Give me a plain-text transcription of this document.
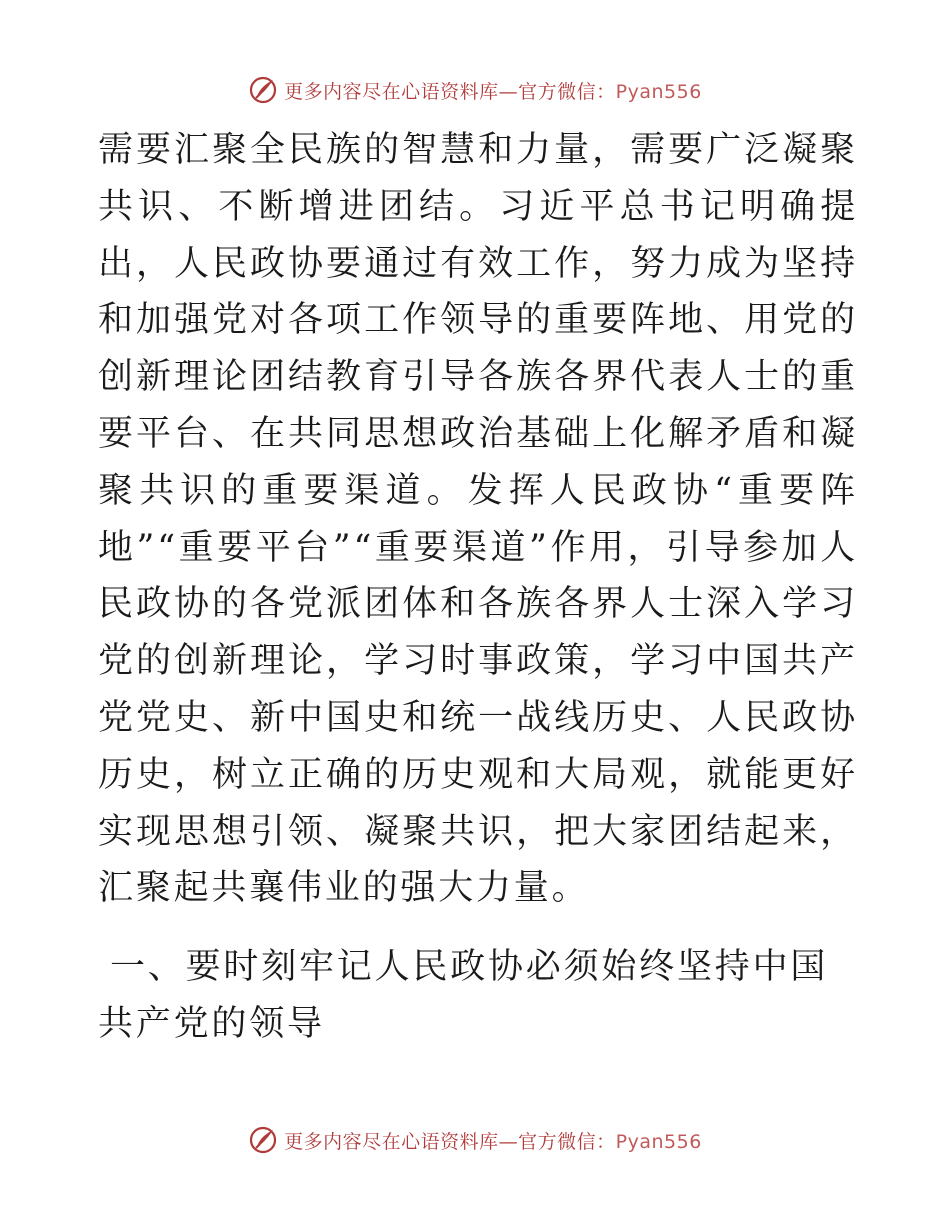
更多内容尽在心语资料库—官方微信：Pyan556

需要汇聚全民族的智慧和力量，需要广泛凝聚共识、不断增进团结。习近平总书记明确提出，人民政协要通过有效工作，努力成为坚持和加强党对各项工作领导的重要阵地、用党的创新理论团结教育引导各族各界代表人士的重要平台、在共同思想政治基础上化解矛盾和凝聚共识的重要渠道。发挥人民政协“重要阵地”“重要平台”“重要渠道”作用，引导参加人民政协的各党派团体和各族各界人士深入学习党的创新理论，学习时事政策，学习中国共产党党史、新中国史和统一战线历史、人民政协历史，树立正确的历史观和大局观，就能更好实现思想引领、凝聚共识，把大家团结起来，汇聚起共襄伟业的强大力量。

一、要时刻牢记人民政协必须始终坚持中国共产党的领导
更多内容尽在心语资料库—官方微信：Pyan556
